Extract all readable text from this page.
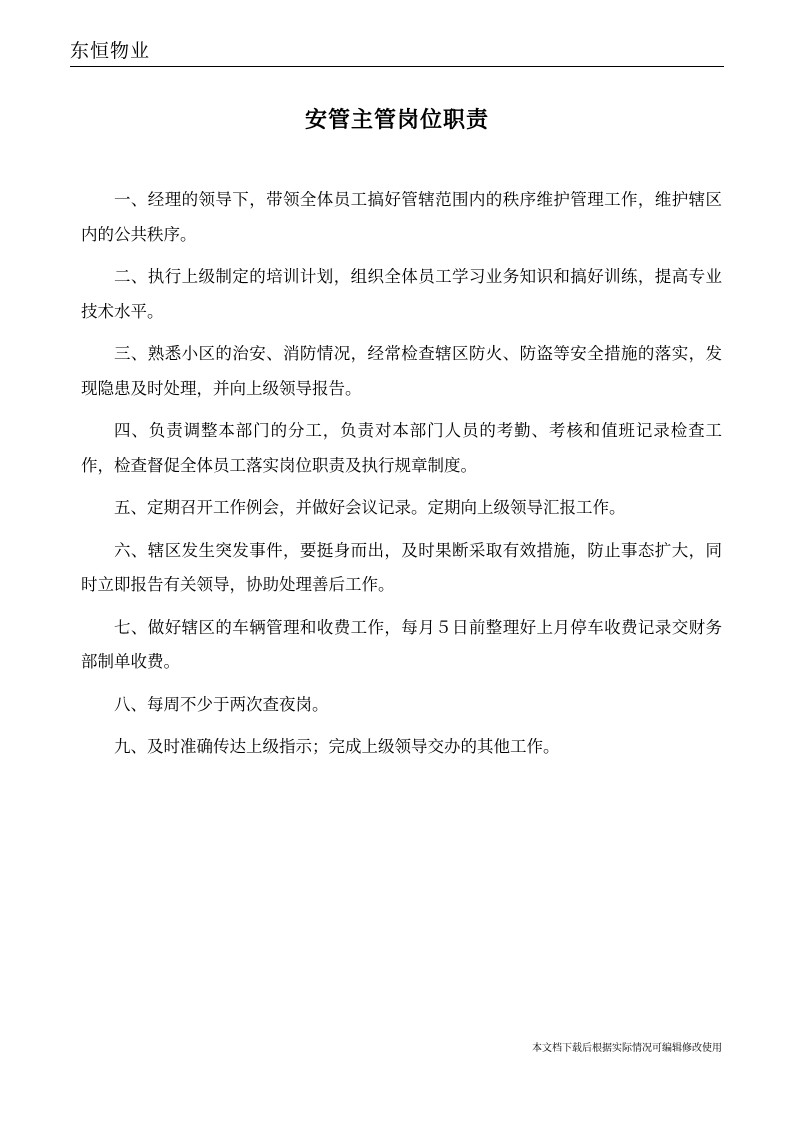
东恒物业
安管主管岗位职责

一、经理的领导下，带领全体员工搞好管辖范围内的秩序维护管理工作，维护辖区内的公共秩序。

二、执行上级制定的培训计划，组织全体员工学习业务知识和搞好训练，提高专业技术水平。

三、熟悉小区的治安、消防情况，经常检查辖区防火、防盗等安全措施的落实，发现隐患及时处理，并向上级领导报告。

四、负责调整本部门的分工，负责对本部门人员的考勤、考核和值班记录检查工作，检查督促全体员工落实岗位职责及执行规章制度。

五、定期召开工作例会，并做好会议记录。定期向上级领导汇报工作。

六、辖区发生突发事件，要挺身而出，及时果断采取有效措施，防止事态扩大，同时立即报告有关领导，协助处理善后工作。

七、做好辖区的车辆管理和收费工作，每月５日前整理好上月停车收费记录交财务部制单收费。

八、每周不少于两次查夜岗。

九、及时准确传达上级指示；完成上级领导交办的其他工作。

本文档下载后根据实际情况可编辑修改使用
